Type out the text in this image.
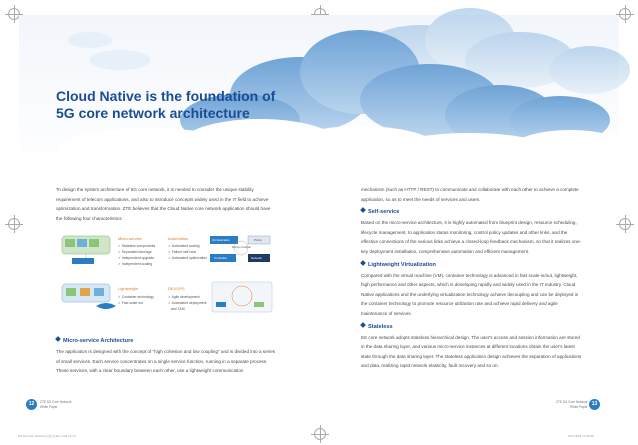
Cloud Native is the foundation of
5G core network architecture

To design the system architecture of 5G core network, it is needed to consider the unique stability requirement of telecom applications, and also to introduce concepts widely used in the IT field to achieve optimization and transformation. ZTE believes that the Cloud Native core network application should have the following four characteristics:

Micro-service
✓ Stateless components
✓ Separated lator/age
✓ Independent upgrade
✓ Independent scaling
Automation
✓ Automated scaling
✓ Failure self-heal
✓ Automated optimization
Lightweight
✓ Container technology
✓ Fast scale out
DEVOPS
✓ Agile development
✓ Automated deployment
and T&M
Orchestration	Policy
Controller	Network
Monitor Analysis
Micro-service Architecture

The application is designed with the concept of "high cohesion and low coupling" and is divided into a series of small services. Each service concentrates on a single service function, running in a separate process. These services, with a clear boundary between each other, use a lightweight communication

mechanism (such as HTTP / REST) to communicate and collaborate with each other to achieve a complete application, so as to meet the needs of services and users.

Self-service

Based on the micro-service architecture, it is highly automated from blueprint design, resource scheduling, lifecycle management, to application status monitoring, control policy updates and other links, and the effective connections of the various links achieve a closed-loop feedback mechanism, so that it realizes one-key deployment installation, comprehensive automation and efficient management.

Lightweight Virtualization

Compared with the virtual machine (VM), container technology is advanced in fast scale-in/out, lightweight, high performance and other aspects, which is developing rapidly and widely used in the IT industry. Cloud Native applications and the underlying virtualization technology achieve decoupling and can be deployed in the container technology to promote resource utilization rate and achieve rapid delivery and agile maintenance of services.

Stateless

5G core network adopts stateless hierarchical design. The user's access and session information are stored in the data sharing layer, and various micro-service instances at different locations obtain the user's latest state through the data sharing layer. The stateless application design achieves the separation of applications and data, realizing rapid network elasticity, fault recovery and so on.

12	ZTE 5G Core Network
White Paper	13
ZTE 5G Core Network
White Paper
5G SA Core Network白皮书 EN .indd 12-13	2017/4/18 17:39:28
